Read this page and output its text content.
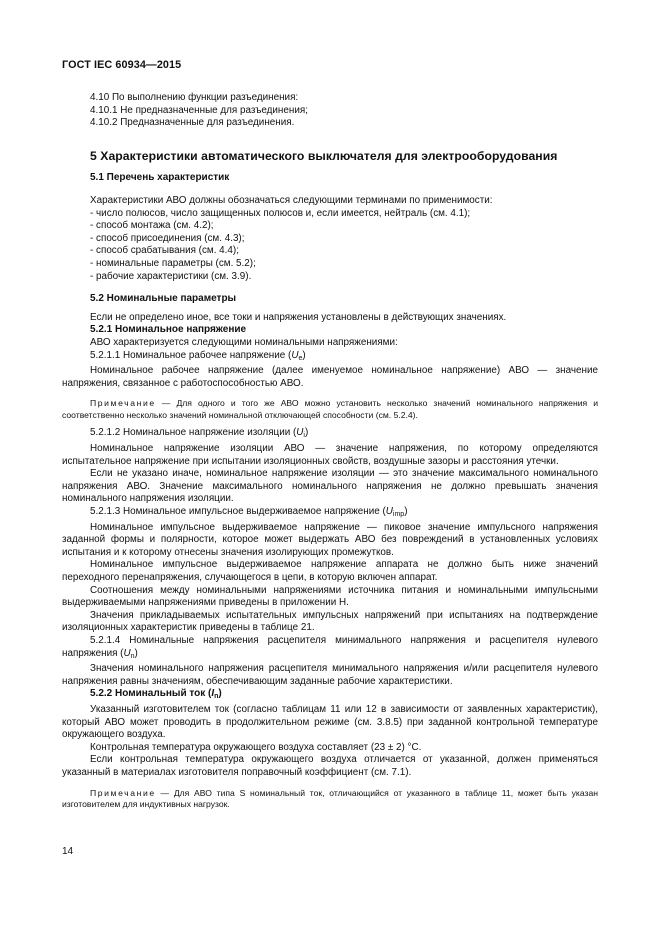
ГОСТ IEC 60934—2015

4.10 По выполнению функции разъединения:

4.10.1 Не предназначенные для разъединения;

4.10.2 Предназначенные для разъединения.

5 Характеристики автоматического выключателя для электрооборудования
5.1 Перечень характеристик

Характеристики АВО должны обозначаться следующими терминами по применимости:

- число полюсов, число защищенных полюсов и, если имеется, нейтраль (см. 4.1);

- способ монтажа (см. 4.2);

- способ присоединения (см. 4.3);

- способ срабатывания (см. 4.4);

- номинальные параметры (см. 5.2);

- рабочие характеристики (см. 3.9).

5.2 Номинальные параметры

Если не определено иное, все токи и напряжения установлены в действующих значениях.

5.2.1 Номинальное напряжение

АВО характеризуется следующими номинальными напряжениями:

5.2.1.1 Номинальное рабочее напряжение $(U_e)$

Номинальное рабочее напряжение (далее именуемое номинальное напряжение) АВО — значение напряжения, связанное с работоспособностью АВО.

Примечание — Для одного и того же АВО можно установить несколько значений номинального напряжения и соответственно несколько значений номинальной отключающей способности (см. 5.2.4).

5.2.1.2 Номинальное напряжение изоляции $(U_i)$

Номинальное напряжение изоляции АВО — значение напряжения, по которому определяются испытательное напряжение при испытании изоляционных свойств, воздушные зазоры и расстояния утечки.

Если не указано иначе, номинальное напряжение изоляции — это значение максимального номинального напряжения АВО. Значение максимального номинального напряжения не должно превышать значения номинального напряжения изоляции.

5.2.1.3 Номинальное импульсное выдерживаемое напряжение $(U_{imp})$

Номинальное импульсное выдерживаемое напряжение — пиковое значение импульсного напряжения заданной формы и полярности, которое может выдержать АВО без повреждений в установленных условиях испытания и к которому отнесены значения изолирующих промежутков.

Номинальное импульсное выдерживаемое напряжение аппарата не должно быть ниже значений переходного перенапряжения, случающегося в цепи, в которую включен аппарат.

Соотношения между номинальными напряжениями источника питания и номинальными импульсными выдерживаемыми напряжениями приведены в приложении Н.

Значения прикладываемых испытательных импульсных напряжений при испытаниях на подтверждение изоляционных характеристик приведены в таблице 21.

5.2.1.4 Номинальные напряжения расцепителя минимального напряжения и расцепителя нулевого напряжения $(U_n)$

Значения номинального напряжения расцепителя минимального напряжения и/или расцепителя нулевого напряжения равны значениям, обеспечивающим заданные рабочие характеристики.

5.2.2 Номинальный ток $(I_n)$

Указанный изготовителем ток (согласно таблицам 11 или 12 в зависимости от заявленных характеристик), который АВО может проводить в продолжительном режиме (см. 3.8.5) при заданной контрольной температуре окружающего воздуха.

Контрольная температура окружающего воздуха составляет (23 ± 2) °С.

Если контрольная температура окружающего воздуха отличается от указанной, должен применяться указанный в материалах изготовителя поправочный коэффициент (см. 7.1).

Примечание — Для АВО типа S номинальный ток, отличающийся от указанного в таблице 11, может быть указан изготовителем для индуктивных нагрузок.

14
